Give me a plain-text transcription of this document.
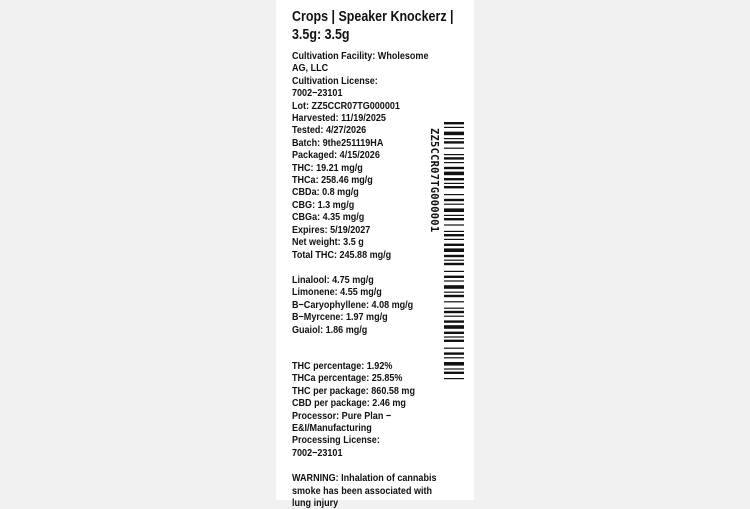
Crops | Speaker Knockerz | 3.5g: 3.5g
Cultivation Facility: Wholesome AG, LLC
Cultivation License:
7002−23101
Lot: ZZ5CCR07TG000001
Harvested: 11/19/2025
Tested: 4/27/2026
Batch: 9the251119HA
Packaged: 4/15/2026
THC: 19.21 mg/g
THCa: 258.46 mg/g
CBDa: 0.8 mg/g
CBG: 1.3 mg/g
CBGa: 4.35 mg/g
Expires: 5/19/2027
Net weight: 3.5 g
Total THC: 245.88 mg/g
Linalool: 4.75 mg/g
Limonene: 4.55 mg/g
B−Caryophyllene: 4.08 mg/g
B−Myrcene: 1.97 mg/g
Guaiol: 1.86 mg/g
THC percentage: 1.92%
THCa percentage: 25.85%
THC per package: 860.58 mg
CBD per package: 2.46 mg
Processor: Pure Plan − E&I/Manufacturing
Processing License:
7002−23101
WARNING: Inhalation of cannabis smoke has been associated with lung injury
ZZ5CCR07TG000001
